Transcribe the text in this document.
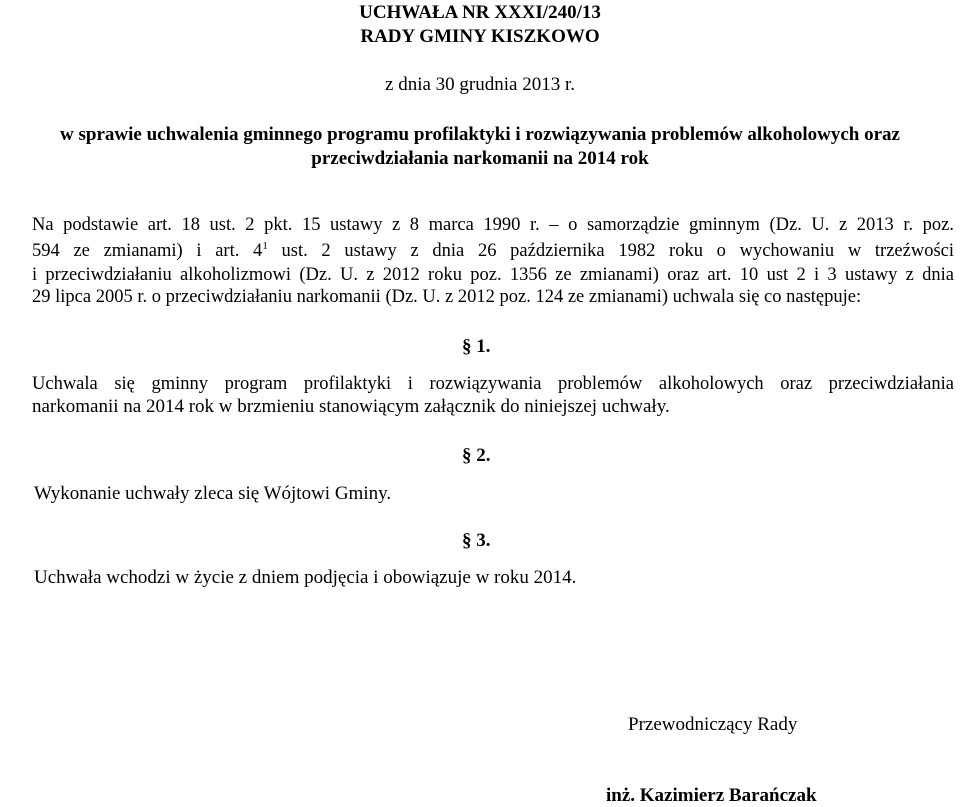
UCHWAŁA NR XXXI/240/13
RADY GMINY KISZKOWO
z dnia 30 grudnia 2013 r.
w sprawie uchwalenia gminnego programu profilaktyki i rozwiązywania problemów alkoholowych oraz
przeciwdziałania narkomanii na 2014 rok
Na podstawie art. 18 ust. 2 pkt. 15 ustawy z 8 marca 1990 r. – o samorządzie gminnym (Dz. U. z 2013 r. poz.
594 ze zmianami) i art. $4^1$ ust. 2 ustawy z dnia 26 października 1982 roku o wychowaniu w trzeźwości
i przeciwdziałaniu alkoholizmowi (Dz. U. z 2012 roku poz. 1356 ze zmianami) oraz art. 10 ust 2 i 3 ustawy z dnia
29 lipca 2005 r. o przeciwdziałaniu narkomanii (Dz. U. z 2012 poz. 124 ze zmianami) uchwala się co następuje:
§ 1.
Uchwala się gminny program profilaktyki i rozwiązywania problemów alkoholowych oraz przeciwdziałania
narkomanii na 2014 rok w brzmieniu stanowiącym załącznik do niniejszej uchwały.
§ 2.
Wykonanie uchwały zleca się Wójtowi Gminy.
§ 3.
Uchwała wchodzi w życie z dniem podjęcia i obowiązuje w roku 2014.
Przewodniczący Rady
inż. Kazimierz Barańczak
